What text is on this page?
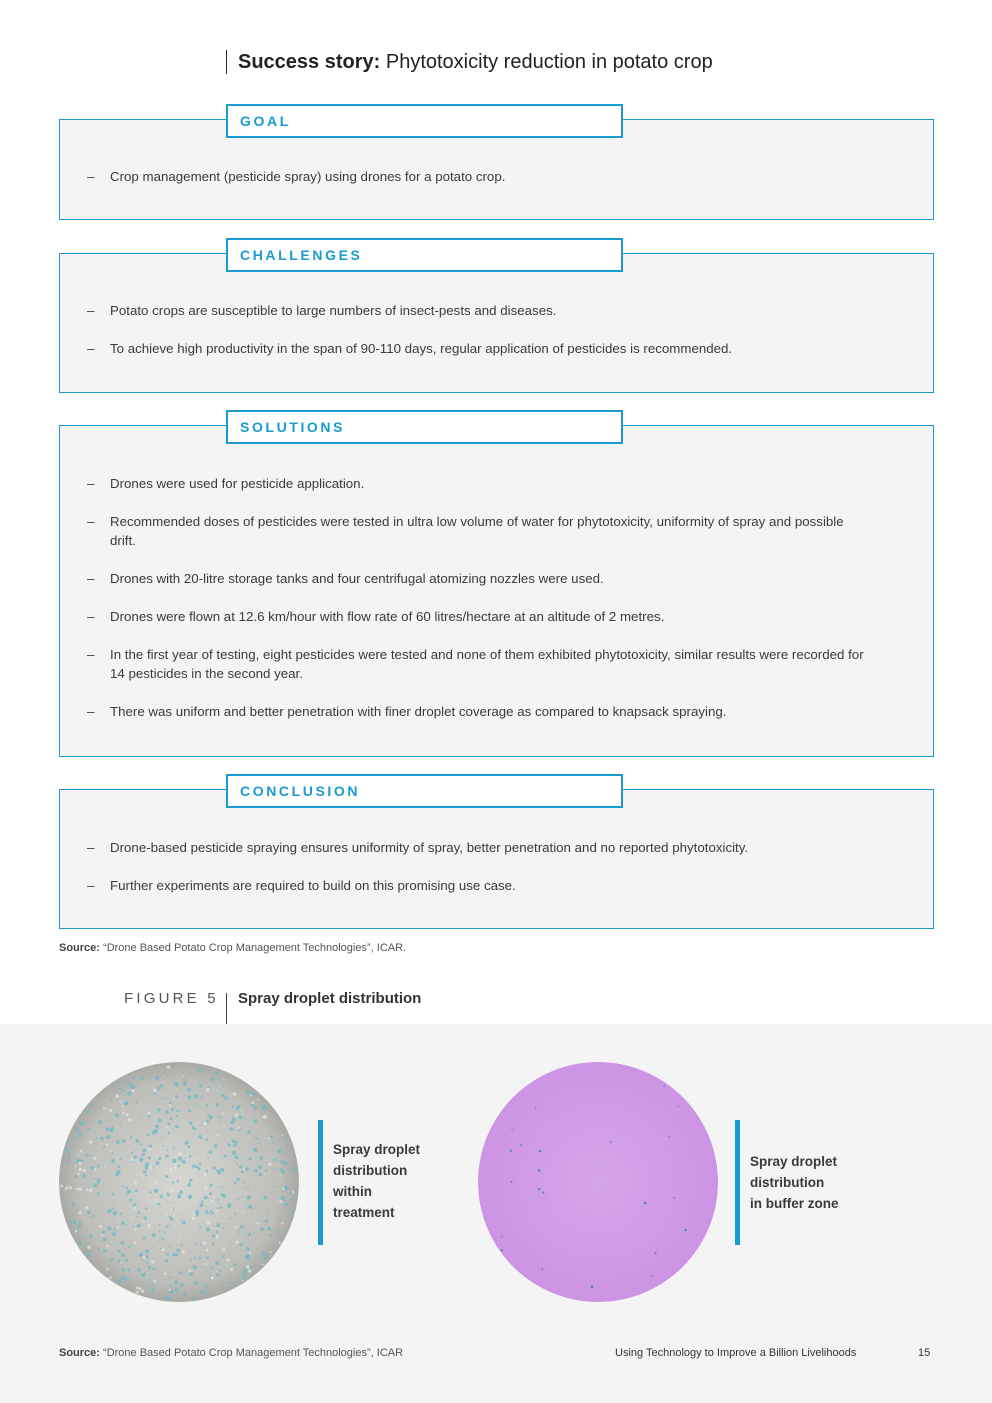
Success story: Phytotoxicity reduction in potato crop
– Crop management (pesticide spray) using drones for a potato crop.
GOAL
– Potato crops are susceptible to large numbers of insect-pests and diseases.
– To achieve high productivity in the span of 90-110 days, regular application of pesticides is recommended.
CHALLENGES
– Drones were used for pesticide application.
– Recommended doses of pesticides were tested in ultra low volume of water for phytotoxicity, uniformity of spray and possible drift.
– Drones with 20-litre storage tanks and four centrifugal atomizing nozzles were used.
– Drones were flown at 12.6 km/hour with flow rate of 60 litres/hectare at an altitude of 2 metres.
– In the first year of testing, eight pesticides were tested and none of them exhibited phytotoxicity, similar results were recorded for 14 pesticides in the second year.
– There was uniform and better penetration with finer droplet coverage as compared to knapsack spraying.
SOLUTIONS
– Drone-based pesticide spraying ensures uniformity of spray, better penetration and no reported phytotoxicity.
– Further experiments are required to build on this promising use case.
CONCLUSION
Source: “Drone Based Potato Crop Management Technologies”, ICAR.
FIGURE 5 Spray droplet distribution
Spray droplet
distribution
within
treatment
Spray droplet
distribution
in buffer zone
Source: “Drone Based Potato Crop Management Technologies”, ICAR	Using Technology to Improve a Billion Livelihoods	15
